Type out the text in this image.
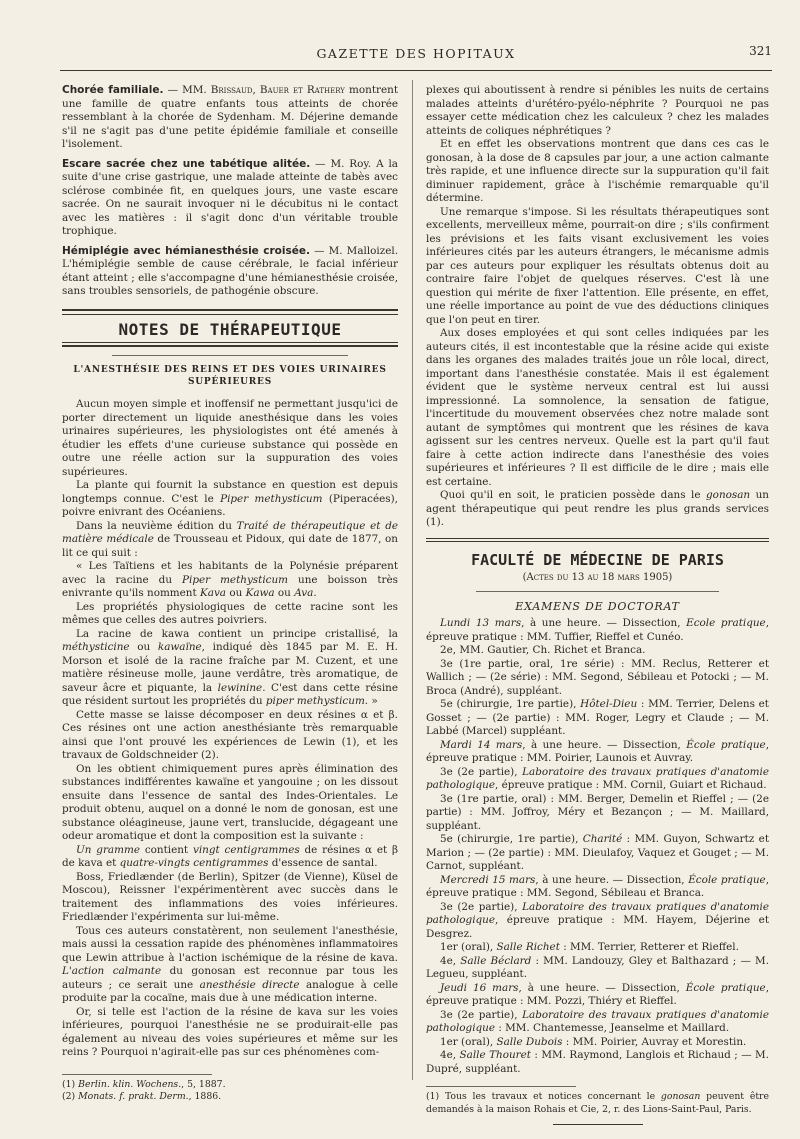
GAZETTE DES HOPITAUX	321

Chorée familiale. — MM. Brissaud, Bauer et Rathery montrent une famille de quatre enfants tous atteints de chorée ressemblant à la chorée de Sydenham. M. Déjerine demande s'il ne s'agit pas d'une petite épidémie familiale et conseille l'isolement.

Escare sacrée chez une tabétique alitée. — M. Roy. A la suite d'une crise gastrique, une malade atteinte de tabès avec sclérose combinée fit, en quelques jours, une vaste escare sacrée. On ne saurait invoquer ni le décubitus ni le contact avec les matières : il s'agit donc d'un véritable trouble trophique.

Hémiplégie avec hémianesthésie croisée. — M. Malloizel. L'hémiplégie semble de cause cérébrale, le facial inférieur étant atteint ; elle s'accompagne d'une hémianesthésie croisée, sans troubles sensoriels, de pathogénie obscure.

NOTES DE THÉRAPEUTIQUE
L'ANESTHÉSIE DES REINS ET DES VOIES URINAIRES SUPÉRIEURES

Aucun moyen simple et inoffensif ne permettant jusqu'ici de porter directement un liquide anesthésique dans les voies urinaires supérieures, les physiologistes ont été amenés à étudier les effets d'une curieuse substance qui possède en outre une réelle action sur la suppuration des voies supérieures.

La plante qui fournit la substance en question est depuis longtemps connue. C'est le Piper methysticum (Piperacées), poivre enivrant des Océaniens.

Dans la neuvième édition du Traité de thérapeutique et de matière médicale de Trousseau et Pidoux, qui date de 1877, on lit ce qui suit :

« Les Taïtiens et les habitants de la Polynésie préparent avec la racine du Piper methysticum une boisson très enivrante qu'ils nomment Kava ou Kawa ou Ava.

Les propriétés physiologiques de cette racine sont les mêmes que celles des autres poivriers.

La racine de kawa contient un principe cristallisé, la méthysticine ou kawaïne, indiqué dès 1845 par M. E. H. Morson et isolé de la racine fraîche par M. Cuzent, et une matière résineuse molle, jaune verdâtre, très aromatique, de saveur âcre et piquante, la lewinine. C'est dans cette résine que résident surtout les propriétés du piper methysticum. »

Cette masse se laisse décomposer en deux résines α et β. Ces résines ont une action anesthésiante très remarquable ainsi que l'ont prouvé les expériences de Lewin (1), et les travaux de Goldschneider (2).

On les obtient chimiquement pures après élimination des substances indifférentes kawaïne et yangouine ; on les dissout ensuite dans l'essence de santal des Indes-Orientales. Le produit obtenu, auquel on a donné le nom de gonosan, est une substance oléagineuse, jaune vert, translucide, dégageant une odeur aromatique et dont la composition est la suivante :

Un gramme contient vingt centigrammes de résines α et β de kava et quatre-vingts centigrammes d'essence de santal.

Boss, Friedlænder (de Berlin), Spitzer (de Vienne), Küsel de Moscou), Reissner l'expérimentèrent avec succès dans le traitement des inflammations des voies inférieures. Friedlænder l'expérimenta sur lui-même.

Tous ces auteurs constatèrent, non seulement l'anesthésie, mais aussi la cessation rapide des phénomènes inflammatoires que Lewin attribue à l'action ischémique de la résine de kava. L'action calmante du gonosan est reconnue par tous les auteurs ; ce serait une anesthésie directe analogue à celle produite par la cocaïne, mais due à une médication interne.

Or, si telle est l'action de la résine de kava sur les voies inférieures, pourquoi l'anesthésie ne se produirait-elle pas également au niveau des voies supérieures et même sur les reins ? Pourquoi n'agirait-elle pas sur ces phénomènes com-

(1) Berlin. klin. Wochens., 5, 1887.

(2) Monats. f. prakt. Derm., 1886.

plexes qui aboutissent à rendre si pénibles les nuits de certains malades atteints d'urétéro-pyélo-néphrite ? Pourquoi ne pas essayer cette médication chez les calculeux ? chez les malades atteints de coliques néphrétiques ?

Et en effet les observations montrent que dans ces cas le gonosan, à la dose de 8 capsules par jour, a une action calmante très rapide, et une influence directe sur la suppuration qu'il fait diminuer rapidement, grâce à l'ischémie remarquable qu'il détermine.

Une remarque s'impose. Si les résultats thérapeutiques sont excellents, merveilleux même, pourrait-on dire ; s'ils confirment les prévisions et les faits visant exclusivement les voies inférieures cités par les auteurs étrangers, le mécanisme admis par ces auteurs pour expliquer les résultats obtenus doit au contraire faire l'objet de quelques réserves. C'est là une question qui mérite de fixer l'attention. Elle présente, en effet, une réelle importance au point de vue des déductions cliniques que l'on peut en tirer.

Aux doses employées et qui sont celles indiquées par les auteurs cités, il est incontestable que la résine acide qui existe dans les organes des malades traités joue un rôle local, direct, important dans l'anesthésie constatée. Mais il est également évident que le système nerveux central est lui aussi impressionné. La somnolence, la sensation de fatigue, l'incertitude du mouvement observées chez notre malade sont autant de symptômes qui montrent que les résines de kava agissent sur les centres nerveux. Quelle est la part qu'il faut faire à cette action indirecte dans l'anesthésie des voies supérieures et inférieures ? Il est difficile de le dire ; mais elle est certaine.

Quoi qu'il en soit, le praticien possède dans le gonosan un agent thérapeutique qui peut rendre les plus grands services (1).

FACULTÉ DE MÉDECINE DE PARIS
(Actes du 13 au 18 mars 1905)
EXAMENS DE DOCTORAT

Lundi 13 mars, à une heure. — Dissection, Ecole pratique, épreuve pratique : MM. Tuffier, Rieffel et Cunéo.

2e, MM. Gautier, Ch. Richet et Branca.

3e (1re partie, oral, 1re série) : MM. Reclus, Retterer et Wallich ; — (2e série) : MM. Segond, Sébileau et Potocki ; — M. Broca (André), suppléant.

5e (chirurgie, 1re partie), Hôtel-Dieu : MM. Terrier, Delens et Gosset ; — (2e partie) : MM. Roger, Legry et Claude ; — M. Labbé (Marcel) suppléant.

Mardi 14 mars, à une heure. — Dissection, École pratique, épreuve pratique : MM. Poirier, Launois et Auvray.

3e (2e partie), Laboratoire des travaux pratiques d'anatomie pathologique, épreuve pratique : MM. Cornil, Guiart et Richaud.

3e (1re partie, oral) : MM. Berger, Demelin et Rieffel ; — (2e partie) : MM. Joffroy, Méry et Bezançon ; — M. Maillard, suppléant.

5e (chirurgie, 1re partie), Charité : MM. Guyon, Schwartz et Marion ; — (2e partie) : MM. Dieulafoy, Vaquez et Gouget ; — M. Carnot, suppléant.

Mercredi 15 mars, à une heure. — Dissection, École pratique, épreuve pratique : MM. Segond, Sébileau et Branca.

3e (2e partie), Laboratoire des travaux pratiques d'anatomie pathologique, épreuve pratique : MM. Hayem, Déjerine et Desgrez.

1er (oral), Salle Richet : MM. Terrier, Retterer et Rieffel.

4e, Salle Béclard : MM. Landouzy, Gley et Balthazard ; — M. Legueu, suppléant.

Jeudi 16 mars, à une heure. — Dissection, École pratique, épreuve pratique : MM. Pozzi, Thiéry et Rieffel.

3e (2e partie), Laboratoire des travaux pratiques d'anatomie pathologique : MM. Chantemesse, Jeanselme et Maillard.

1er (oral), Salle Dubois : MM. Poirier, Auvray et Morestin.

4e, Salle Thouret : MM. Raymond, Langlois et Richaud ; — M. Dupré, suppléant.

(1) Tous les travaux et notices concernant le gonosan peuvent être demandés à la maison Rohais et Cie, 2, r. des Lions-Saint-Paul, Paris.
